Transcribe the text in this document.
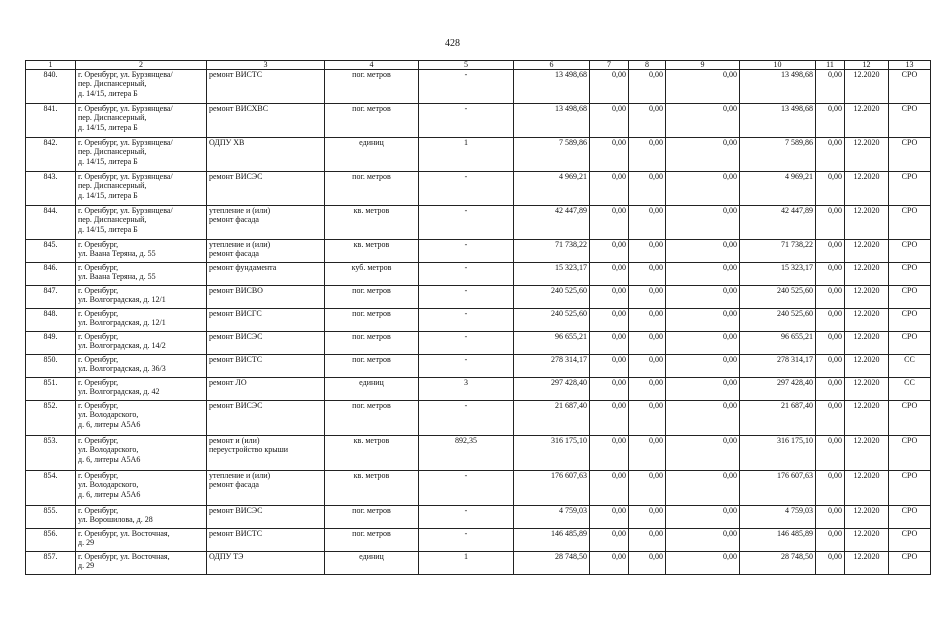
428
1	2	3	4	5	6	7	8	9	10	11	12	13
840.	г. Оренбург, ул. Бурзянцева/
пер. Диспансерный,
д. 14/15, литера Б	ремонт ВИСТС	пог. метров	-	13 498,68	0,00	0,00	0,00	13 498,68	0,00	12.2020	СРО
841.	г. Оренбург, ул. Бурзянцева/
пер. Диспансерный,
д. 14/15, литера Б	ремонт ВИСХВС	пог. метров	-	13 498,68	0,00	0,00	0,00	13 498,68	0,00	12.2020	СРО
842.	г. Оренбург, ул. Бурзянцева/
пер. Диспансерный,
д. 14/15, литера Б	ОДПУ ХВ	единиц	1	7 589,86	0,00	0,00	0,00	7 589,86	0,00	12.2020	СРО
843.	г. Оренбург, ул. Бурзянцева/
пер. Диспансерный,
д. 14/15, литера Б	ремонт ВИСЭС	пог. метров	-	4 969,21	0,00	0,00	0,00	4 969,21	0,00	12.2020	СРО
844.	г. Оренбург, ул. Бурзянцева/
пер. Диспансерный,
д. 14/15, литера Б	утепление и (или)
ремонт фасада	кв. метров	-	42 447,89	0,00	0,00	0,00	42 447,89	0,00	12.2020	СРО
845.	г. Оренбург,
ул. Ваана Теряна, д. 55	утепление и (или)
ремонт фасада	кв. метров	-	71 738,22	0,00	0,00	0,00	71 738,22	0,00	12.2020	СРО
846.	г. Оренбург,
ул. Ваана Теряна, д. 55	ремонт фундамента	куб. метров	-	15 323,17	0,00	0,00	0,00	15 323,17	0,00	12.2020	СРО
847.	г. Оренбург,
ул. Волгоградская, д. 12/1	ремонт ВИСВО	пог. метров	-	240 525,60	0,00	0,00	0,00	240 525,60	0,00	12.2020	СРО
848.	г. Оренбург,
ул. Волгоградская, д. 12/1	ремонт ВИСГС	пог. метров	-	240 525,60	0,00	0,00	0,00	240 525,60	0,00	12.2020	СРО
849.	г. Оренбург,
ул. Волгоградская, д. 14/2	ремонт ВИСЭС	пог. метров	-	96 655,21	0,00	0,00	0,00	96 655,21	0,00	12.2020	СРО
850.	г. Оренбург,
ул. Волгоградская, д. 36/3	ремонт ВИСТС	пог. метров	-	278 314,17	0,00	0,00	0,00	278 314,17	0,00	12.2020	СС
851.	г. Оренбург,
ул. Волгоградская, д. 42	ремонт ЛО	единиц	3	297 428,40	0,00	0,00	0,00	297 428,40	0,00	12.2020	СС
852.	г. Оренбург,
ул. Володарского,
д. 6, литеры А5А6	ремонт ВИСЭС	пог. метров	-	21 687,40	0,00	0,00	0,00	21 687,40	0,00	12.2020	СРО
853.	г. Оренбург,
ул. Володарского,
д. 6, литеры А5А6	ремонт и (или)
переустройство крыши	кв. метров	892,35	316 175,10	0,00	0,00	0,00	316 175,10	0,00	12.2020	СРО
854.	г. Оренбург,
ул. Володарского,
д. 6, литеры А5А6	утепление и (или)
ремонт фасада	кв. метров	-	176 607,63	0,00	0,00	0,00	176 607,63	0,00	12.2020	СРО
855.	г. Оренбург,
ул. Ворошилова, д. 28	ремонт ВИСЭС	пог. метров	-	4 759,03	0,00	0,00	0,00	4 759,03	0,00	12.2020	СРО
856.	г. Оренбург, ул. Восточная,
д. 29	ремонт ВИСТС	пог. метров	-	146 485,89	0,00	0,00	0,00	146 485,89	0,00	12.2020	СРО
857.	г. Оренбург, ул. Восточная,
д. 29	ОДПУ ТЭ	единиц	1	28 748,50	0,00	0,00	0,00	28 748,50	0,00	12.2020	СРО
